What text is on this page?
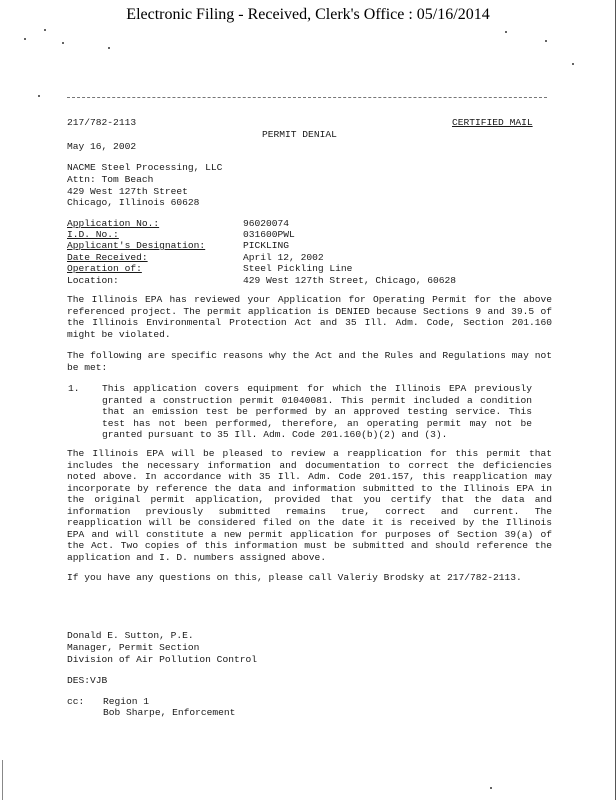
Electronic Filing - Received, Clerk's Office : 05/16/2014
217/782-2113	CERTIFIED MAIL
PERMIT DENIAL
May 16, 2002
NACME Steel Processing, LLC
Attn: Tom Beach
429 West 127th Street
Chicago, Illinois 60628
Application No.:	96020074
I.D. No.:	031600PWL
Applicant's Designation:	PICKLING
Date Received:	April 12, 2002
Operation of:	Steel Pickling Line
Location:	429 West 127th Street, Chicago, 60628
The Illinois EPA has reviewed your Application for Operating Permit for the above referenced project. The permit application is DENIED because Sections 9 and 39.5 of the Illinois Environmental Protection Act and 35 Ill. Adm. Code, Section 201.160 might be violated.
The following are specific reasons why the Act and the Rules and Regulations may not be met:
1.	This application covers equipment for which the Illinois EPA previously granted a construction permit 01040081. This permit included a condition that an emission test be performed by an approved testing service. This test has not been performed, therefore, an operating permit may not be granted pursuant to 35 Ill. Adm. Code 201.160(b)(2) and (3).
The Illinois EPA will be pleased to review a reapplication for this permit that includes the necessary information and documentation to correct the deficiencies noted above. In accordance with 35 Ill. Adm. Code 201.157, this reapplication may incorporate by reference the data and information submitted to the Illinois EPA in the original permit application, provided that you certify that the data and information previously submitted remains true, correct and current. The reapplication will be considered filed on the date it is received by the Illinois EPA and will constitute a new permit application for purposes of Section 39(a) of the Act. Two copies of this information must be submitted and should reference the application and I. D. numbers assigned above.
If you have any questions on this, please call Valeriy Brodsky at 217/782-2113.
Donald E. Sutton, P.E.
Manager, Permit Section
Division of Air Pollution Control
DES:VJB
cc: Region 1
Bob Sharpe, Enforcement
